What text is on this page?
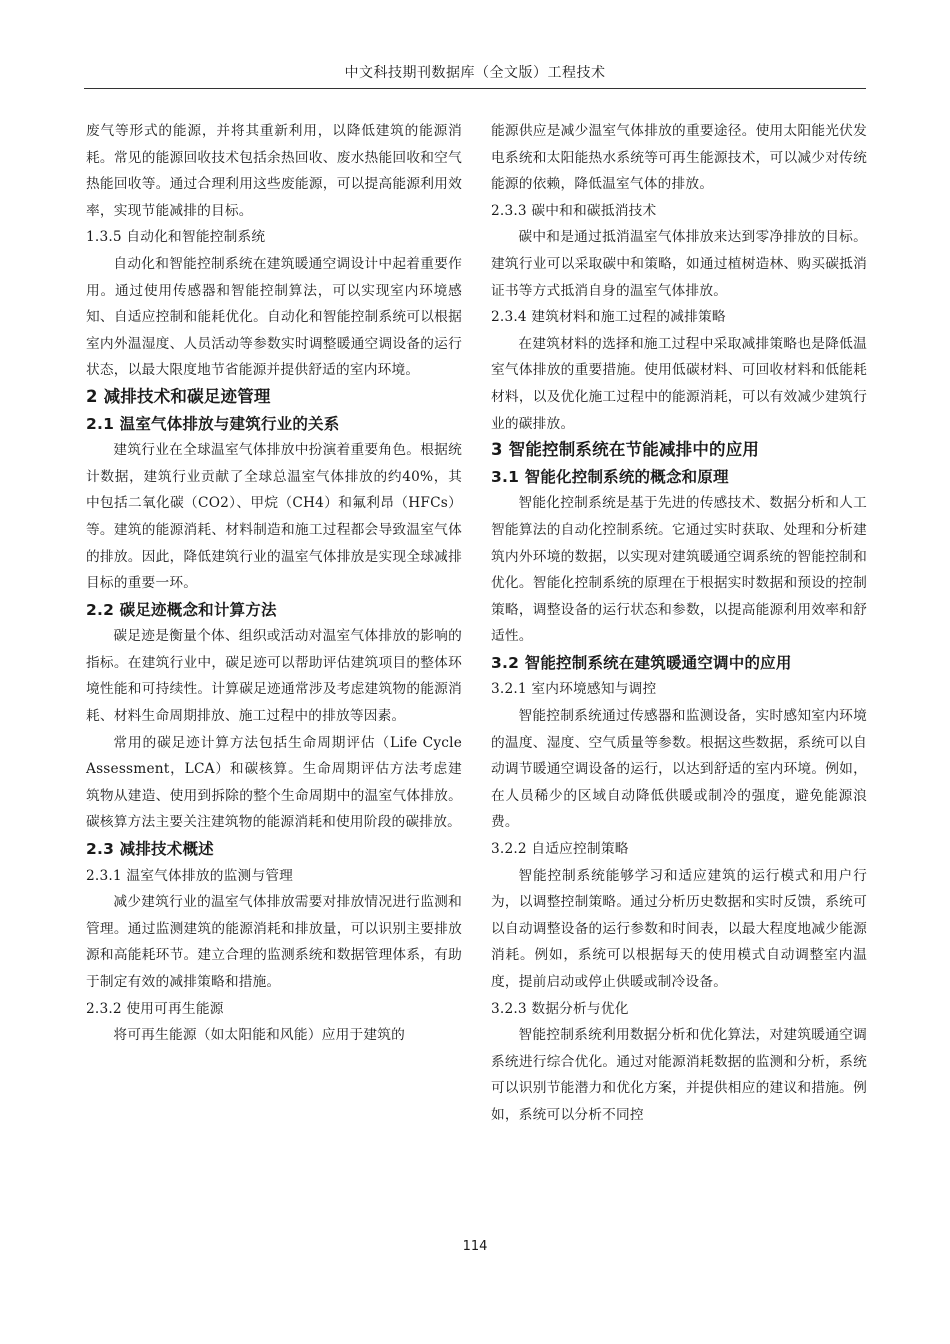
中文科技期刊数据库（全文版）工程技术

废气等形式的能源，并将其重新利用，以降低建筑的能源消耗。常见的能源回收技术包括余热回收、废水热能回收和空气热能回收等。通过合理利用这些废能源，可以提高能源利用效率，实现节能减排的目标。

1.3.5 自动化和智能控制系统

自动化和智能控制系统在建筑暖通空调设计中起着重要作用。通过使用传感器和智能控制算法，可以实现室内环境感知、自适应控制和能耗优化。自动化和智能控制系统可以根据室内外温湿度、人员活动等参数实时调整暖通空调设备的运行状态，以最大限度地节省能源并提供舒适的室内环境。

2 减排技术和碳足迹管理

2.1 温室气体排放与建筑行业的关系

建筑行业在全球温室气体排放中扮演着重要角色。根据统计数据，建筑行业贡献了全球总温室气体排放的约40%，其中包括二氧化碳（CO2）、甲烷（CH4）和氟利昂（HFCs）等。建筑的能源消耗、材料制造和施工过程都会导致温室气体的排放。因此，降低建筑行业的温室气体排放是实现全球减排目标的重要一环。

2.2 碳足迹概念和计算方法

碳足迹是衡量个体、组织或活动对温室气体排放的影响的指标。在建筑行业中，碳足迹可以帮助评估建筑项目的整体环境性能和可持续性。计算碳足迹通常涉及考虑建筑物的能源消耗、材料生命周期排放、施工过程中的排放等因素。

常用的碳足迹计算方法包括生命周期评估（Life Cycle Assessment，LCA）和碳核算。生命周期评估方法考虑建筑物从建造、使用到拆除的整个生命周期中的温室气体排放。碳核算方法主要关注建筑物的能源消耗和使用阶段的碳排放。

2.3 减排技术概述

2.3.1 温室气体排放的监测与管理

减少建筑行业的温室气体排放需要对排放情况进行监测和管理。通过监测建筑的能源消耗和排放量，可以识别主要排放源和高能耗环节。建立合理的监测系统和数据管理体系，有助于制定有效的减排策略和措施。

2.3.2 使用可再生能源

将可再生能源（如太阳能和风能）应用于建筑的

能源供应是减少温室气体排放的重要途径。使用太阳能光伏发电系统和太阳能热水系统等可再生能源技术，可以减少对传统能源的依赖，降低温室气体的排放。

2.3.3 碳中和和碳抵消技术

碳中和是通过抵消温室气体排放来达到零净排放的目标。建筑行业可以采取碳中和策略，如通过植树造林、购买碳抵消证书等方式抵消自身的温室气体排放。

2.3.4 建筑材料和施工过程的减排策略

在建筑材料的选择和施工过程中采取减排策略也是降低温室气体排放的重要措施。使用低碳材料、可回收材料和低能耗材料，以及优化施工过程中的能源消耗，可以有效减少建筑行业的碳排放。

3 智能控制系统在节能减排中的应用

3.1 智能化控制系统的概念和原理

智能化控制系统是基于先进的传感技术、数据分析和人工智能算法的自动化控制系统。它通过实时获取、处理和分析建筑内外环境的数据，以实现对建筑暖通空调系统的智能控制和优化。智能化控制系统的原理在于根据实时数据和预设的控制策略，调整设备的运行状态和参数，以提高能源利用效率和舒适性。

3.2 智能控制系统在建筑暖通空调中的应用

3.2.1 室内环境感知与调控

智能控制系统通过传感器和监测设备，实时感知室内环境的温度、湿度、空气质量等参数。根据这些数据，系统可以自动调节暖通空调设备的运行，以达到舒适的室内环境。例如，在人员稀少的区域自动降低供暖或制冷的强度，避免能源浪费。

3.2.2 自适应控制策略

智能控制系统能够学习和适应建筑的运行模式和用户行为，以调整控制策略。通过分析历史数据和实时反馈，系统可以自动调整设备的运行参数和时间表，以最大程度地减少能源消耗。例如，系统可以根据每天的使用模式自动调整室内温度，提前启动或停止供暖或制冷设备。

3.2.3 数据分析与优化

智能控制系统利用数据分析和优化算法，对建筑暖通空调系统进行综合优化。通过对能源消耗数据的监测和分析，系统可以识别节能潜力和优化方案，并提供相应的建议和措施。例如，系统可以分析不同控

114
